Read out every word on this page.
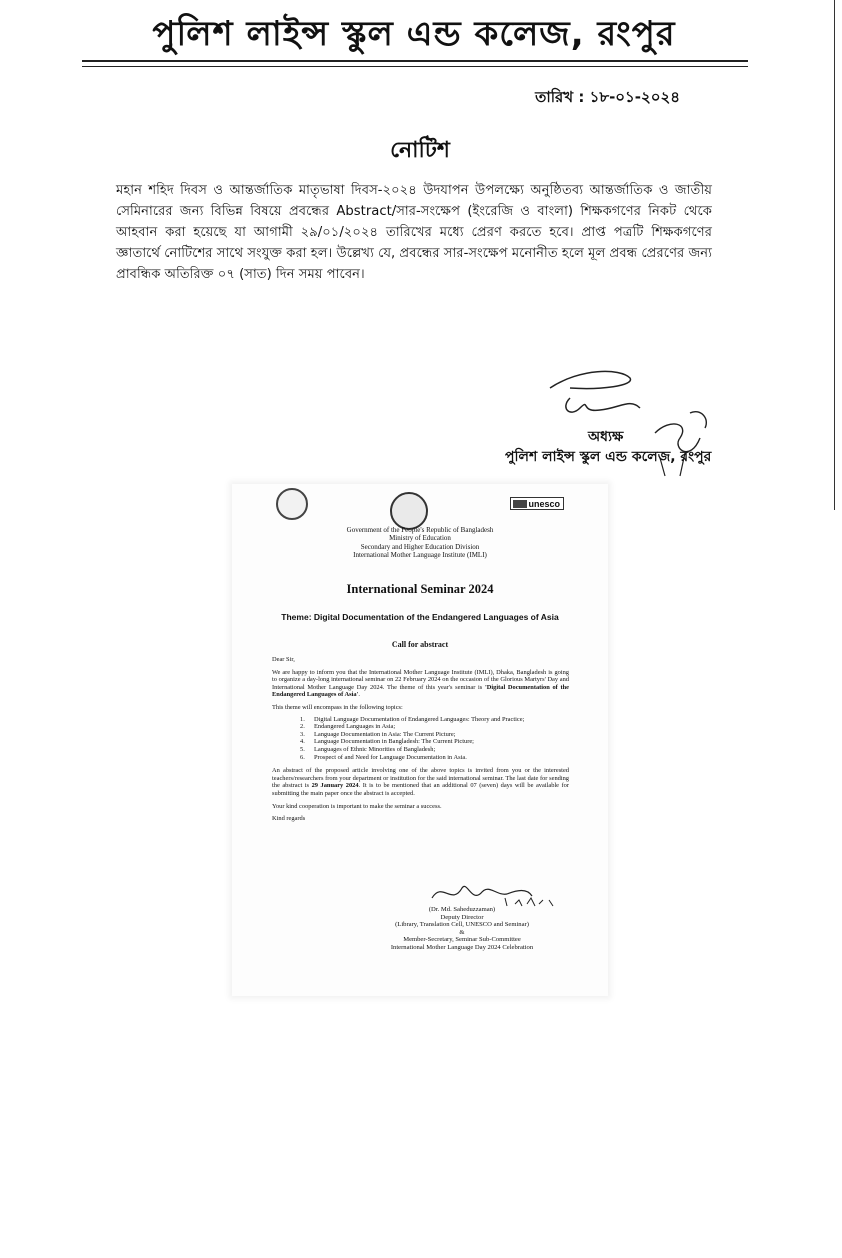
পুলিশ লাইন্স স্কুল এন্ড কলেজ, রংপুর
তারিখ : ১৮-০১-২০২৪
নোটিশ

মহান শহিদ দিবস ও আন্তর্জাতিক মাতৃভাষা দিবস-২০২৪ উদযাপন উপলক্ষ্যে অনুষ্ঠিতব্য আন্তর্জাতিক ও জাতীয় সেমিনারের জন্য বিভিন্ন বিষয়ে প্রবন্ধের Abstract/সার-সংক্ষেপ (ইংরেজি ও বাংলা) শিক্ষকগণের নিকট থেকে আহবান করা হয়েছে যা আগামী ২৯/০১/২০২৪ তারিখের মধ্যে প্রেরণ করতে হবে। প্রাপ্ত পত্রটি শিক্ষকগণের জ্ঞাতার্থে নোটিশের সাথে সংযুক্ত করা হল। উল্লেখ্য যে, প্রবন্ধের সার-সংক্ষেপ মনোনীত হলে মূল প্রবন্ধ প্রেরণের জন্য প্রাবন্ধিক অতিরিক্ত ০৭ (সাত) দিন সময় পাবেন।

অধ্যক্ষ
পুলিশ লাইন্স স্কুল এন্ড কলেজ, রংপুর
unesco
Government of the People's Republic of Bangladesh
Ministry of Education
Secondary and Higher Education Division
International Mother Language Institute (IMLI)
International Seminar 2024
Theme: Digital Documentation of the Endangered Languages of Asia
Call for abstract

Dear Sir,

We are happy to inform you that the International Mother Language Institute (IMLI), Dhaka, Bangladesh is going to organize a day-long international seminar on 22 February 2024 on the occasion of the Glorious Martyrs' Day and International Mother Language Day 2024. The theme of this year's seminar is 'Digital Documentation of the Endangered Languages of Asia'.

This theme will encompass in the following topics:

1. Digital Language Documentation of Endangered Languages: Theory and Practice;
2. Endangered Languages in Asia;
3. Language Documentation in Asia: The Current Picture;
4. Language Documentation in Bangladesh: The Current Picture;
5. Languages of Ethnic Minorities of Bangladesh;
6. Prospect of and Need for Language Documentation in Asia.

An abstract of the proposed article involving one of the above topics is invited from you or the interested teachers/researchers from your department or institution for the said international seminar. The last date for sending the abstract is 29 January 2024. It is to be mentioned that an additional 07 (seven) days will be available for submitting the main paper once the abstract is accepted.

Your kind cooperation is important to make the seminar a success.

Kind regards

(Dr. Md. Saheduzzaman)
Deputy Director
(Library, Translation Cell, UNESCO and Seminar)
&
Member-Secretary, Seminar Sub-Committee
International Mother Language Day 2024 Celebration
